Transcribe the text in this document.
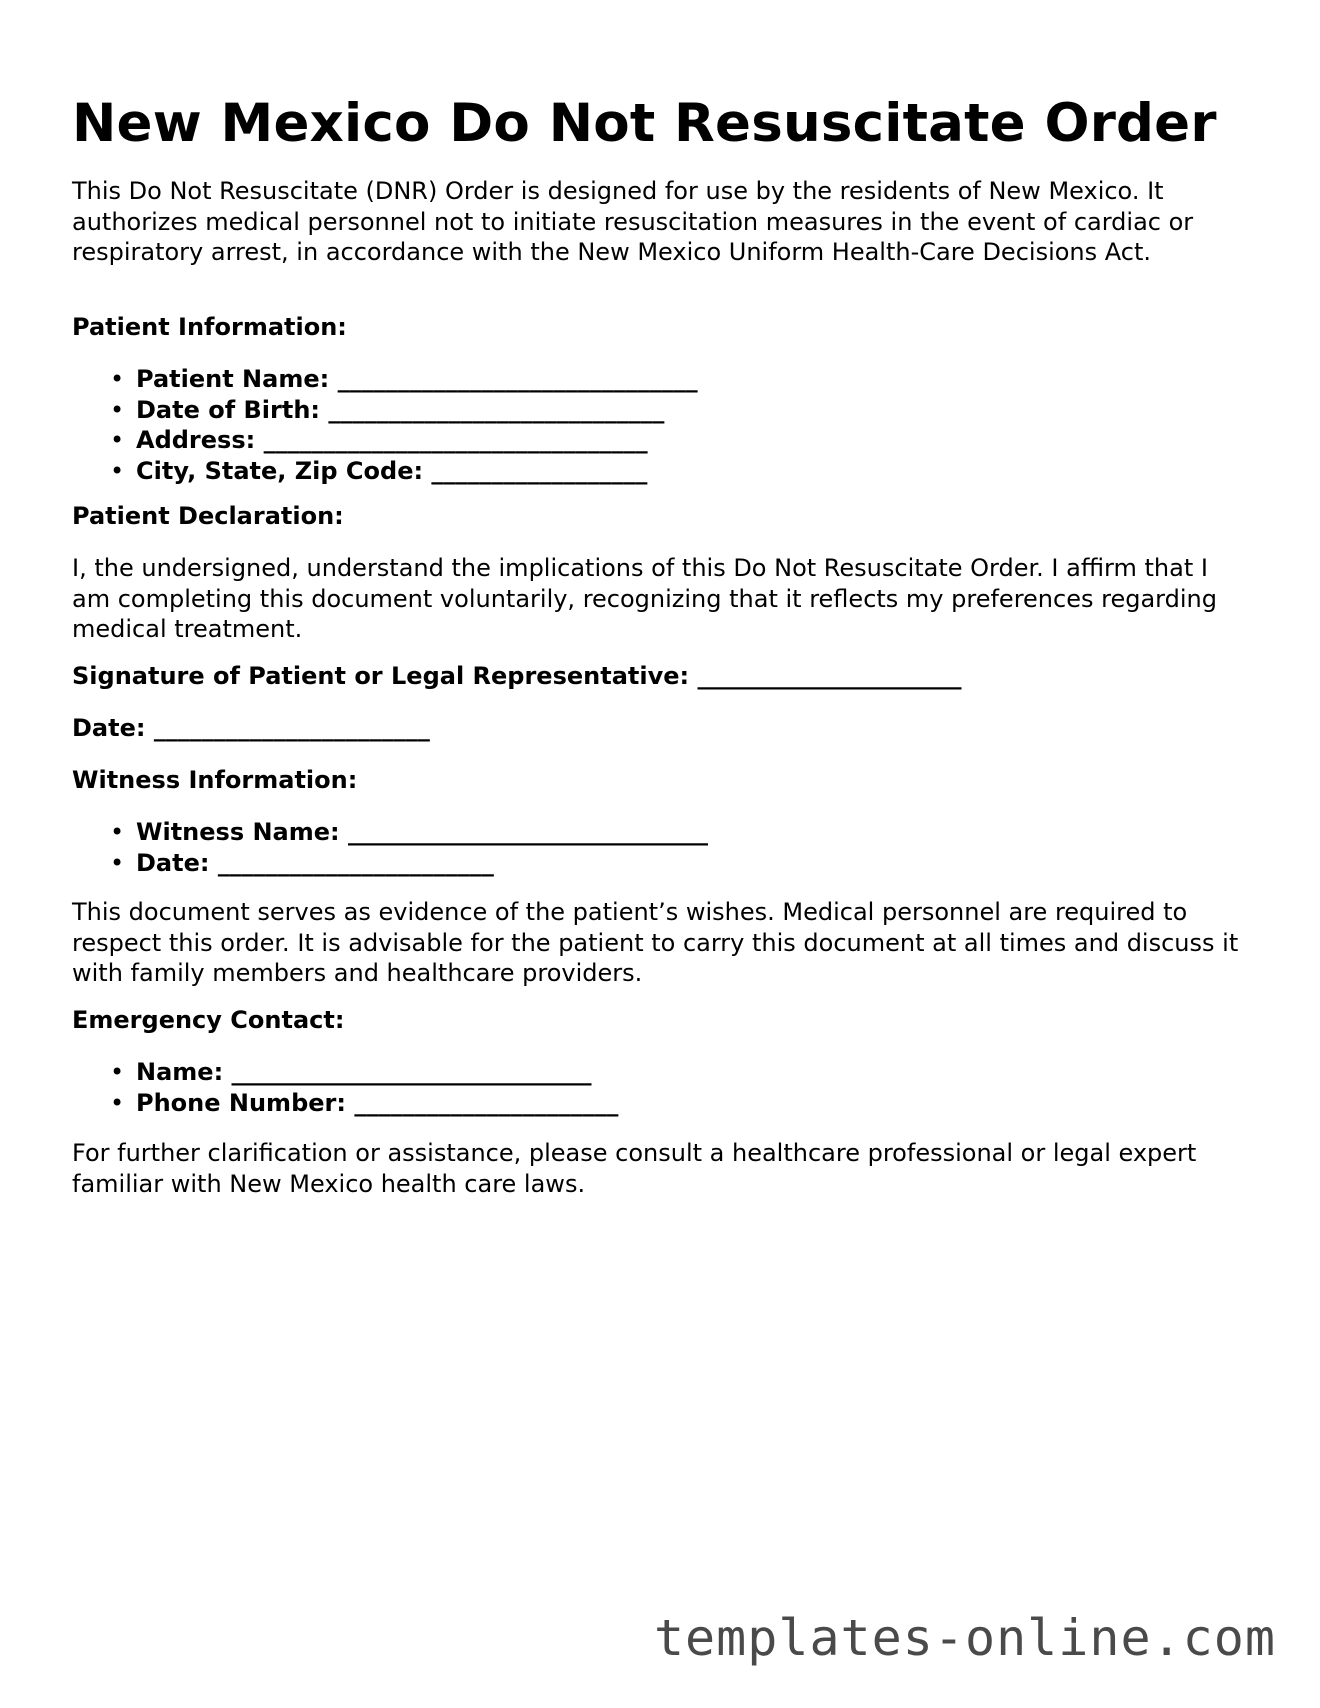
New Mexico Do Not Resuscitate Order

This Do Not Resuscitate (DNR) Order is designed for use by the residents of New Mexico. It authorizes medical personnel not to initiate resuscitation measures in the event of cardiac or respiratory arrest, in accordance with the New Mexico Uniform Health-Care Decisions Act.

Patient Information:
• Patient Name: ______________________________
• Date of Birth: ____________________________
• Address: ________________________________
• City, State, Zip Code: __________________
Patient Declaration:

I, the undersigned, understand the implications of this Do Not Resuscitate Order. I affirm that I am completing this document voluntarily, recognizing that it reflects my preferences regarding medical treatment.

Signature of Patient or Legal Representative: ______________________
Date: _______________________
Witness Information:
• Witness Name: ______________________________
• Date: _______________________

This document serves as evidence of the patient’s wishes. Medical personnel are required to respect this order. It is advisable for the patient to carry this document at all times and discuss it with family members and healthcare providers.

Emergency Contact:
• Name: ______________________________
• Phone Number: ______________________

For further clarification or assistance, please consult a healthcare professional or legal expert familiar with New Mexico health care laws.

templates-online.com
